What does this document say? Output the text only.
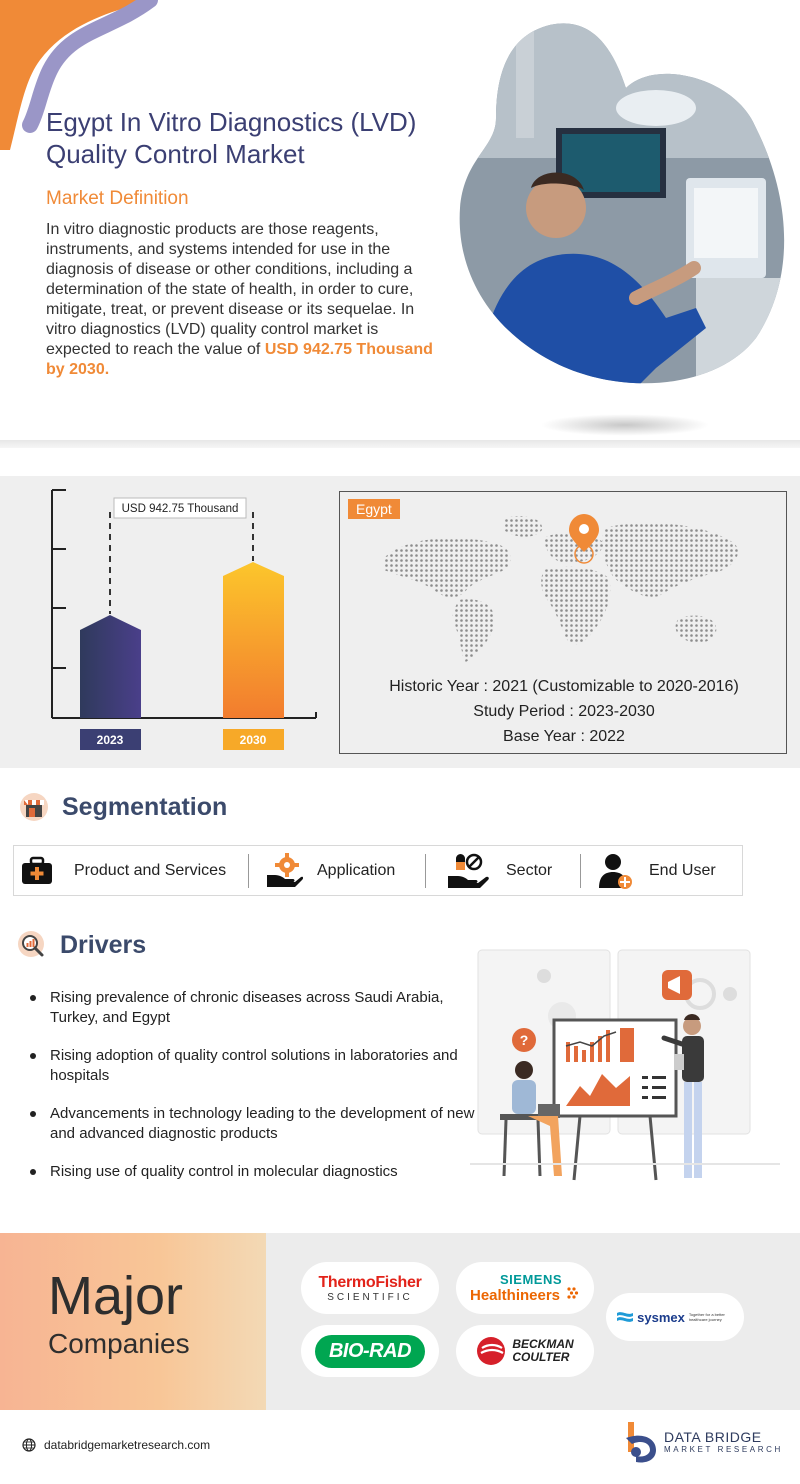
Egypt In Vitro Diagnostics (LVD) Quality Control Market
Market Definition

In vitro diagnostic products are those reagents, instruments, and systems intended for use in the diagnosis of disease or other conditions, including a determination of the state of health, in order to cure, mitigate, treat, or prevent disease or its sequelae. In vitro diagnostics (LVD) quality control market is expected to reach the value of USD 942.75 Thousand by 2030.

USD 942.75 Thousand
2023	2030
Egypt
Historic Year : 2021 (Customizable to 2020-2016)
Study Period : 2023-2030
Base Year : 2022
Segmentation
Product and Services	Application	Sector	End User
Drivers
Rising prevalence of chronic diseases across Saudi Arabia, Turkey, and Egypt
Rising adoption of quality control solutions in laboratories and hospitals
Advancements in technology leading to the development of new and advanced diagnostic products
Rising use of quality control in molecular diagnostics
?
Major
Companies
ThermoFisher
SCIENTIFIC
SIEMENS
Healthineers
sysmex Together for a better healthcare journey
BIO-RAD	BECKMAN
COULTER
databridgemarketresearch.com	DATA BRIDGE
MARKET RESEARCH
